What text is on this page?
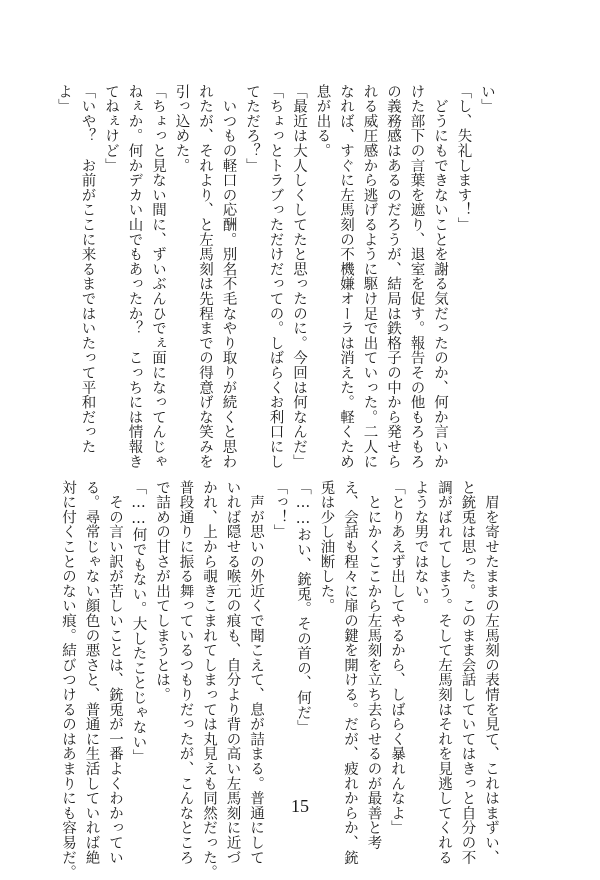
い」
「し、失礼します！」
　どうにもできないことを謝る気だったのか、何か言いか
けた部下の言葉を遮り、退室を促す。報告その他もろもろ
の義務感はあるのだろうが、結局は鉄格子の中から発せら
れる威圧感から逃げるように駆け足で出ていった。二人に
なれば、すぐに左馬刻の不機嫌オーラは消えた。軽くため
息が出る。
「最近は大人しくしてたと思ったのに。今回は何なんだ」
「ちょっとトラブっただけだっての。しばらくお利口にし
てただろ？」
　いつもの軽口の応酬。別名不毛なやり取りが続くと思わ
れたが、それより、と左馬刻は先程までの得意げな笑みを
引っ込めた。
「ちょっと見ない間に、ずいぶんひでぇ面になってんじゃ
ねぇか。何かデカい山でもあったか？　こっちには情報き
てねぇけど」
「いや？　お前がここに来るまではいたって平和だった
よ」
　眉を寄せたままの左馬刻の表情を見て、これはまずい、
と銃兎は思った。このまま会話していてはきっと自分の不
調がばれてしまう。そして左馬刻はそれを見逃してくれる
ような男ではない。
「とりあえず出してやるから、しばらく暴れんなよ」
　とにかくここから左馬刻を立ち去らせるのが最善と考
え、会話も程々に扉の鍵を開ける。だが、疲れからか、銃
兎は少し油断した。
「……おい、銃兎。その首の、何だ」
「っ！」
　声が思いの外近くで聞こえて、息が詰まる。普通にして
いれば隠せる喉元の痕も、自分より背の高い左馬刻に近づ
かれ、上から覗きこまれてしまっては丸見えも同然だった。
普段通りに振る舞っているつもりだったが、こんなところ
で詰めの甘さが出てしまうとは。
「……何でもない。大したことじゃない」
　その言い訳が苦しいことは、銃兎が一番よくわかってい
る。尋常じゃない顔色の悪さと、普通に生活していれば絶
対に付くことのない痕。結びつけるのはあまりにも容易だ。	15
